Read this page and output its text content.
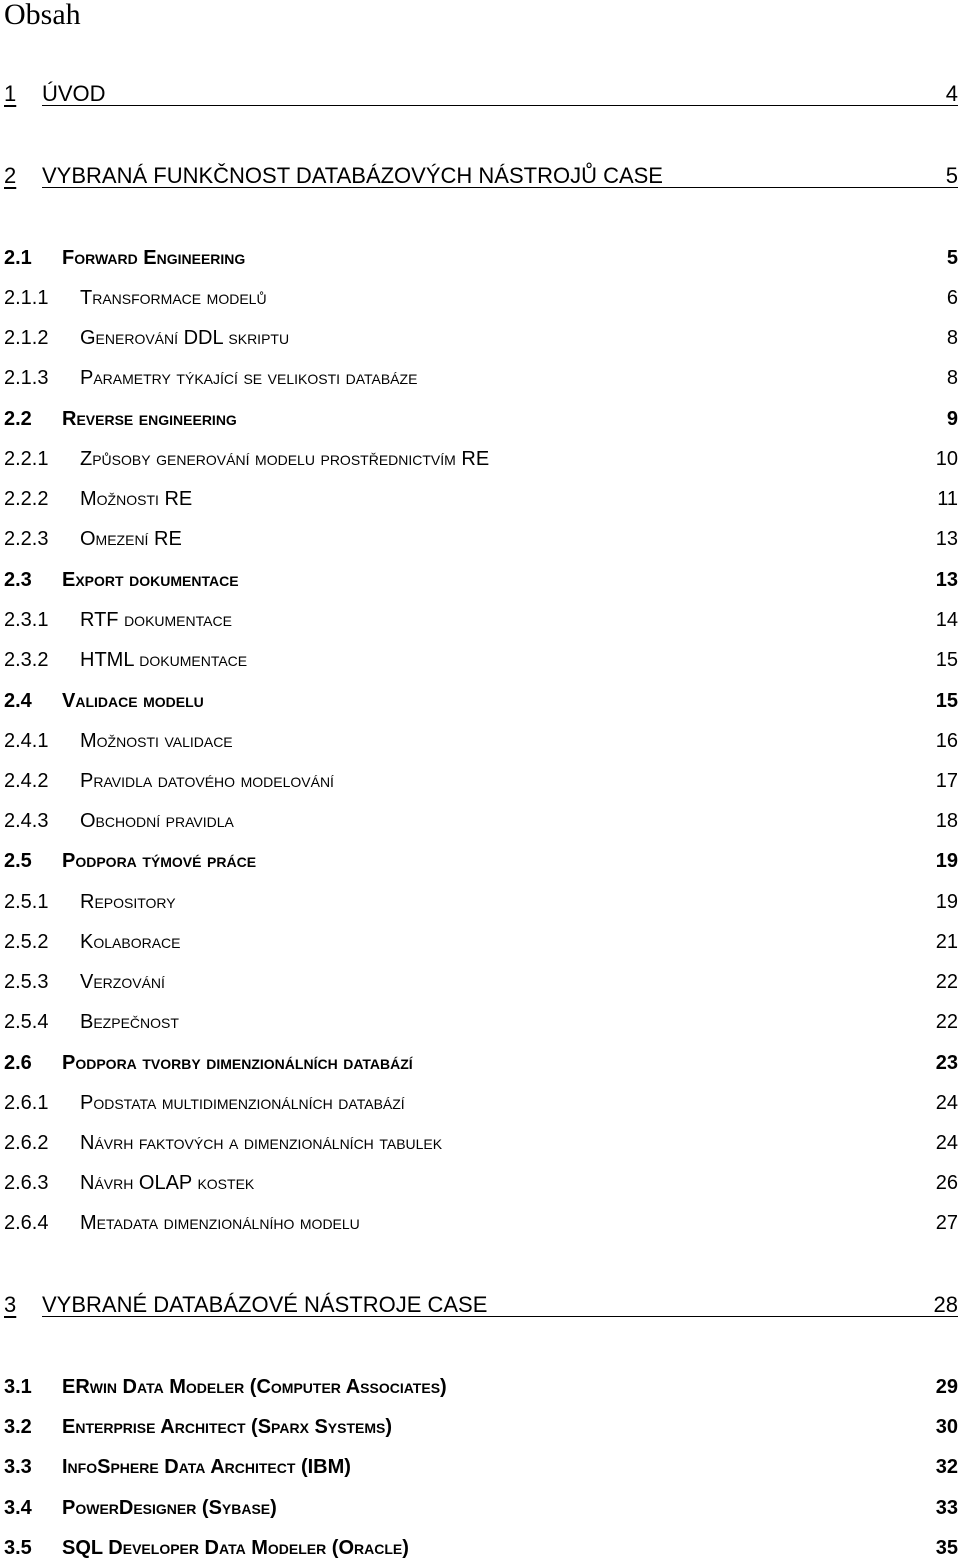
Obsah
1 ÚVOD	4
2 VYBRANÁ FUNKČNOST DATABÁZOVÝCH NÁSTROJŮ CASE	5
2.1 Forward Engineering	5
2.1.1 Transformace modelů	6
2.1.2 Generování DDL skriptu	8
2.1.3 Parametry týkající se velikosti databáze	8
2.2 Reverse engineering	9
2.2.1 Způsoby generování modelu prostřednictvím RE	10
2.2.2 Možnosti RE	11
2.2.3 Omezení RE	13
2.3 Export dokumentace	13
2.3.1 RTF dokumentace	14
2.3.2 HTML dokumentace	15
2.4 Validace modelu	15
2.4.1 Možnosti validace	16
2.4.2 Pravidla datového modelování	17
2.4.3 Obchodní pravidla	18
2.5 Podpora týmové práce	19
2.5.1 Repository	19
2.5.2 Kolaborace	21
2.5.3 Verzování	22
2.5.4 Bezpečnost	22
2.6 Podpora tvorby dimenzionálních databází	23
2.6.1 Podstata multidimenzionálních databází	24
2.6.2 Návrh faktových a dimenzionálních tabulek	24
2.6.3 Návrh OLAP kostek	26
2.6.4 Metadata dimenzionálního modelu	27
3 VYBRANÉ DATABÁZOVÉ NÁSTROJE CASE	28
3.1 ERwin Data Modeler (Computer Associates)	29
3.2 Enterprise Architect (Sparx Systems)	30
3.3 InfoSphere Data Architect (IBM)	32
3.4 PowerDesigner (Sybase)	33
3.5 SQL Developer Data Modeler (Oracle)	35
